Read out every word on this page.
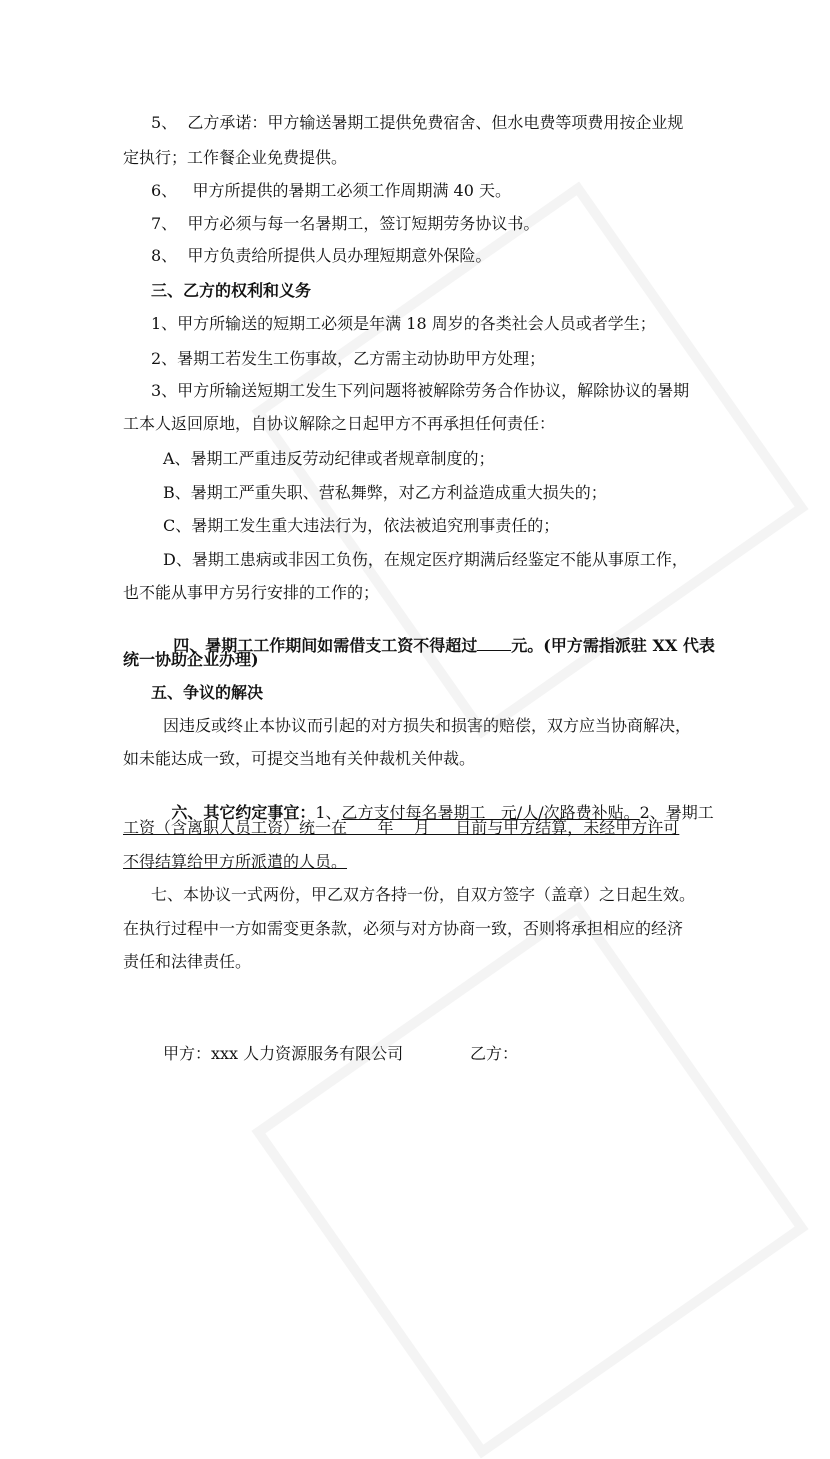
5、  乙方承诺：甲方输送暑期工提供免费宿舍、但水电费等项费用按企业规
定执行；工作餐企业免费提供。
6、   甲方所提供的暑期工必须工作周期满 40 天。
7、  甲方必须与每一名暑期工，签订短期劳务协议书。
8、  甲方负责给所提供人员办理短期意外保险。
三、乙方的权利和义务
1、甲方所输送的短期工必须是年满 18 周岁的各类社会人员或者学生；
2、暑期工若发生工伤事故，乙方需主动协助甲方处理；
3、甲方所输送短期工发生下列问题将被解除劳务合作协议，解除协议的暑期
工本人返回原地，自协议解除之日起甲方不再承担任何责任：
A、暑期工严重违反劳动纪律或者规章制度的；
B、暑期工严重失职、营私舞弊，对乙方利益造成重大损失的；
C、暑期工发生重大违法行为，依法被追究刑事责任的；
D、暑期工患病或非因工负伤，在规定医疗期满后经鉴定不能从事原工作，
也不能从事甲方另行安排的工作的；

四、暑期工工作期间如需借支工资不得超过 元。(甲方需指派驻 XX 代表

统一协助企业办理)
五、争议的解决
因违反或终止本协议而引起的对方损失和损害的赔偿，双方应当协商解决，
如未能达成一致，可提交当地有关仲裁机关仲裁。

六、其它约定事宜：1、乙方支付每名暑期工   元/人/次路费补贴。2、暑期工

工资（含离职人员工资）统一在      年    月     日前与甲方结算，未经甲方许可
不得结算给甲方所派遣的人员。
七、本协议一式两份，甲乙双方各持一份，自双方签字（盖章）之日起生效。
在执行过程中一方如需变更条款，必须与对方协商一致，否则将承担相应的经济
责任和法律责任。
甲方：xxx 人力资源服务有限公司	乙方：
